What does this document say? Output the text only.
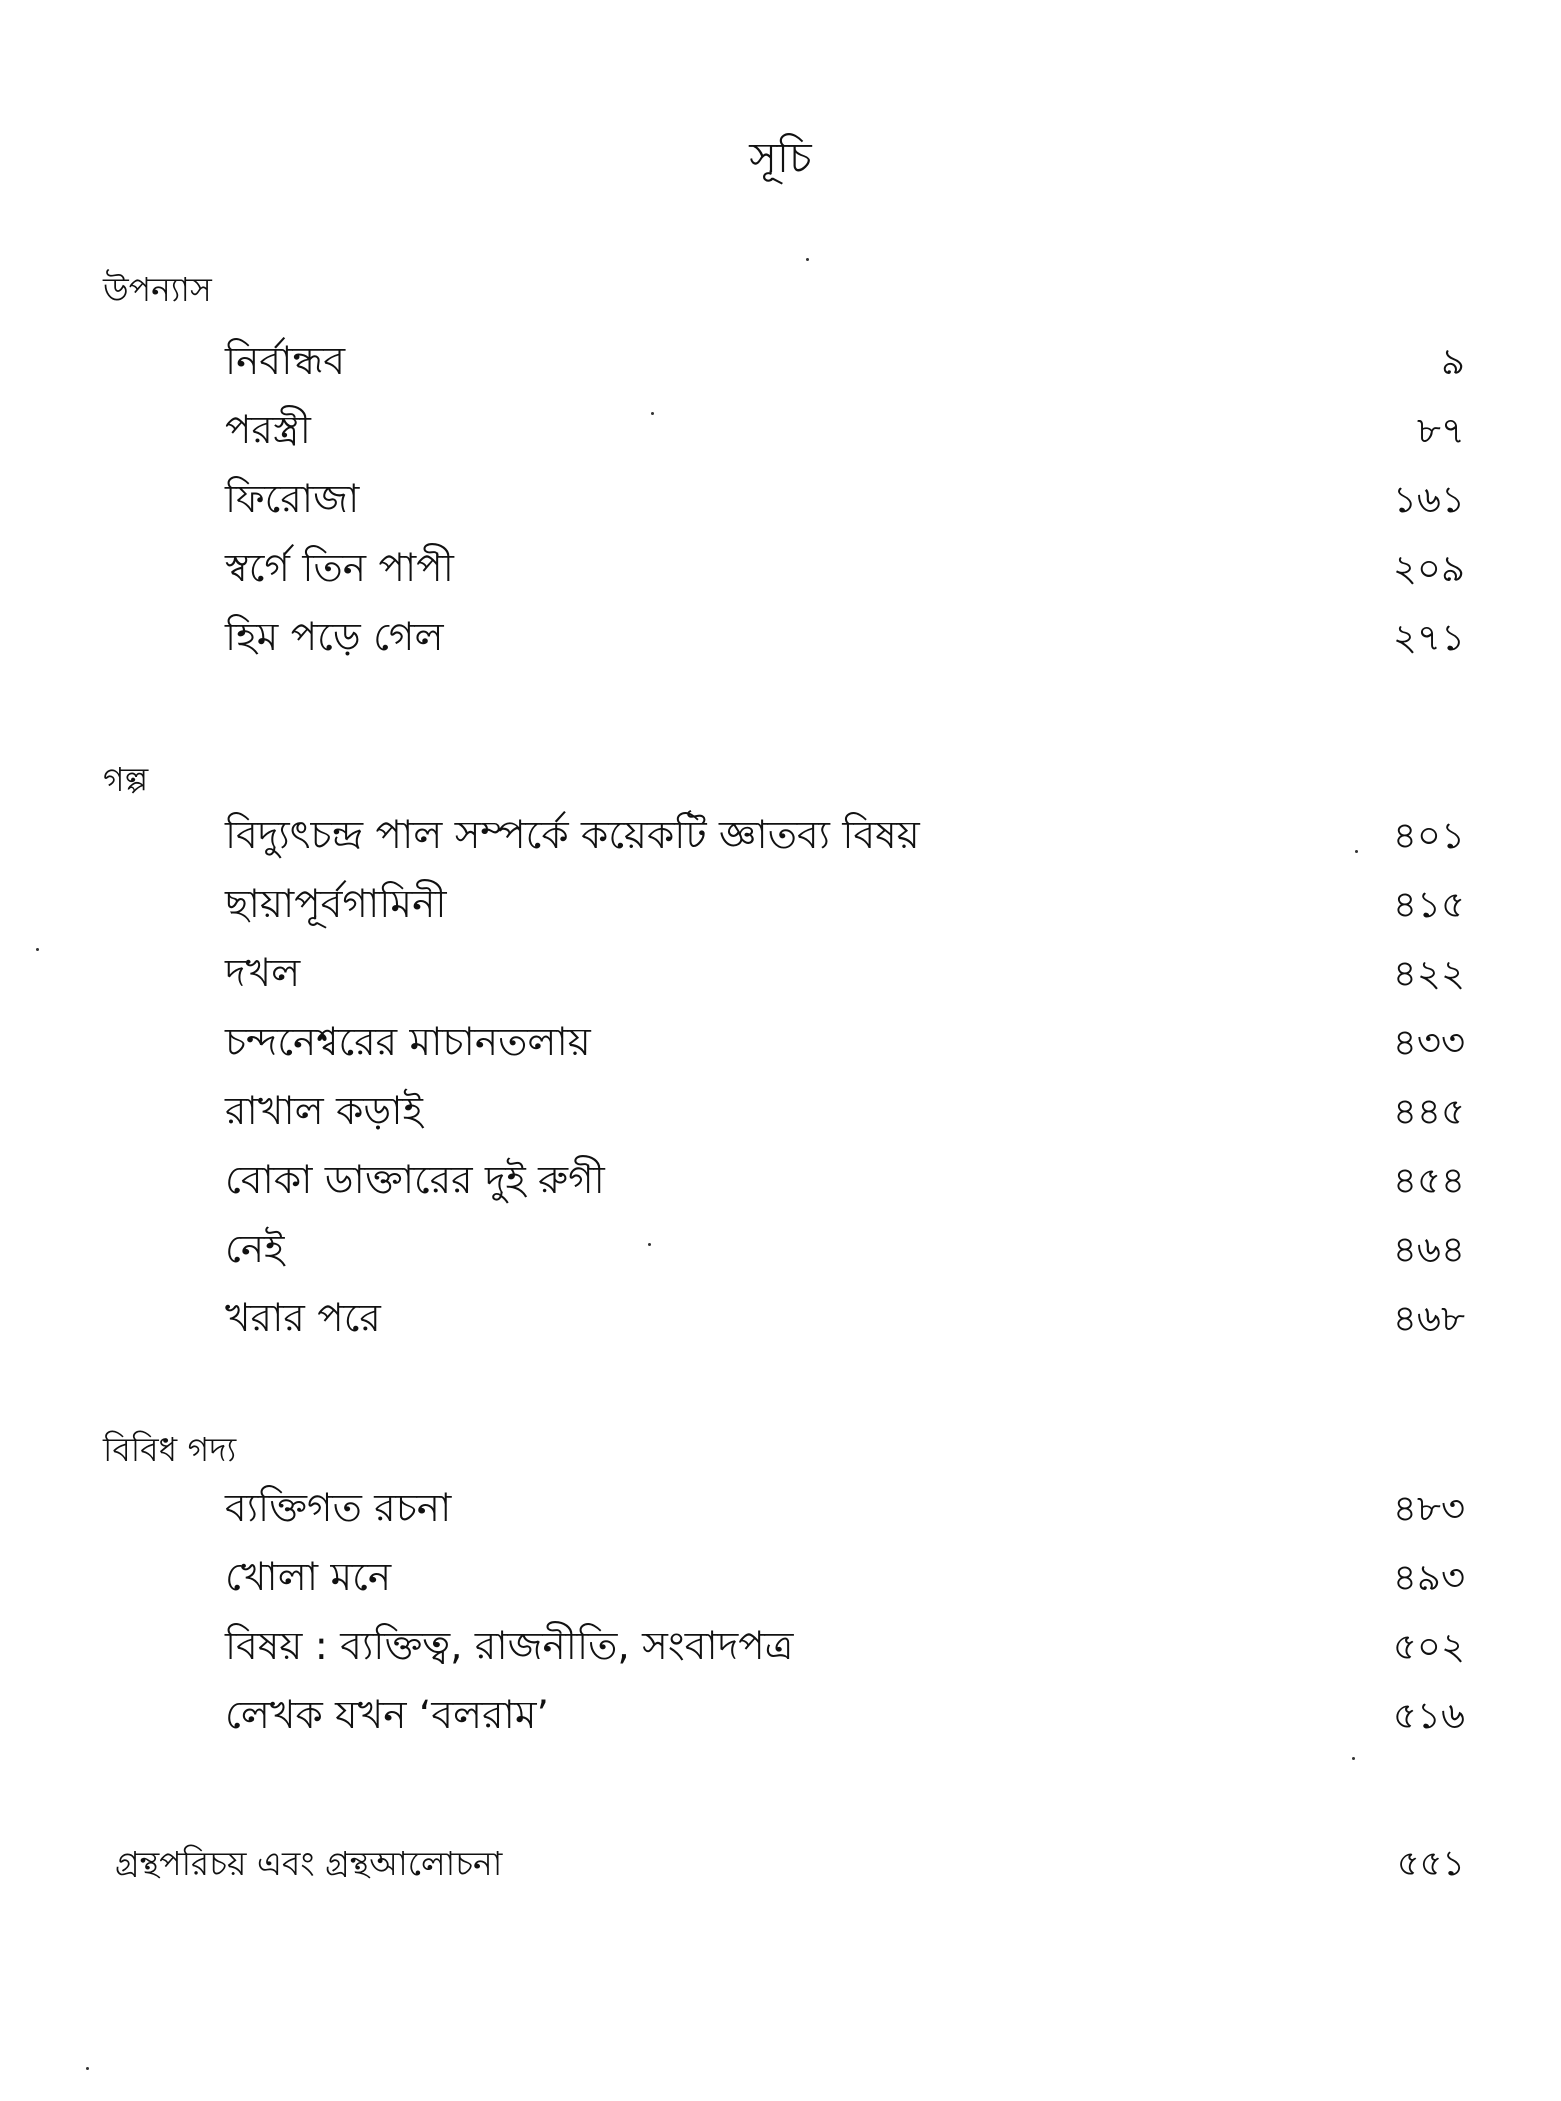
সূচি
উপন্যাস
নির্বান্ধব	৯
পরস্ত্রী	৮৭
ফিরোজা	১৬১
স্বর্গে তিন পাপী	২০৯
হিম পড়ে গেল	২৭১
গল্প
বিদ্যুৎচন্দ্র পাল সম্পর্কে কয়েকটি জ্ঞাতব্য বিষয়	৪০১
ছায়াপূর্বগামিনী	৪১৫
দখল	৪২২
চন্দনেশ্বরের মাচানতলায়	৪৩৩
রাখাল কড়াই	৪৪৫
বোকা ডাক্তারের দুই রুগী	৪৫৪
নেই	৪৬৪
খরার পরে	৪৬৮
বিবিধ গদ্য
ব্যক্তিগত রচনা	৪৮৩
খোলা মনে	৪৯৩
বিষয় : ব্যক্তিত্ব, রাজনীতি, সংবাদপত্র	৫০২
লেখক যখন ‘বলরাম’	৫১৬
গ্রন্থপরিচয় এবং গ্রন্থআলোচনা	৫৫১
